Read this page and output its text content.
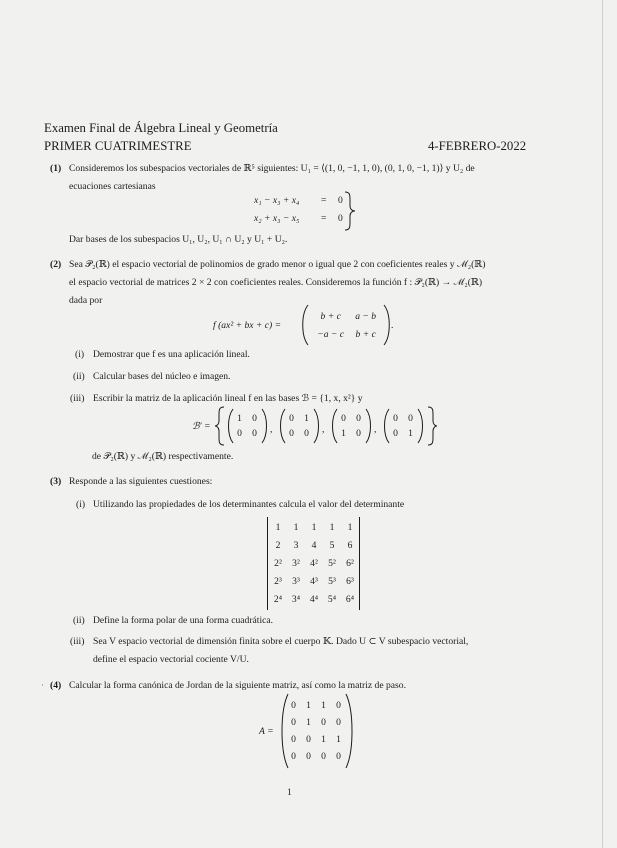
Examen Final de Álgebra Lineal y Geometría
PRIMER CUATRIMESTRE	4-FEBRERO-2022
(1) Consideremos los subespacios vectoriales de ℝ⁵ siguientes: U₁ = ⟨(1, 0, −1, 1, 0), (0, 1, 0, −1, 1)⟩ y U₂ de
ecuaciones cartesianas
x₁ − x₃ + x₄ = 0
x₂ + x₃ − x₅ = 0
Dar bases de los subespacios U₁, U₂, U₁ ∩ U₂ y U₁ + U₂.
(2) Sea 𝒫₂(ℝ) el espacio vectorial de polinomios de grado menor o igual que 2 con coeficientes reales y ℳ₂(ℝ)
el espacio vectorial de matrices 2 × 2 con coeficientes reales. Consideremos la función f : 𝒫₂(ℝ) → ℳ₂(ℝ)
dada por
f (ax² + bx + c) =
b + c	a − b
−a − c	b + c
.
(i) Demostrar que f es una aplicación lineal.
(ii) Calcular bases del núcleo e imagen.
(iii) Escribir la matriz de la aplicación lineal f en las bases ℬ = {1, x, x²} y
ℬ′ =
1	0
0	0 ,
0	1
0	0 ,
0	0
1	0 ,
0	0
0	1
de 𝒫₂(ℝ) y ℳ₂(ℝ) respectivamente.
(3) Responde a las siguientes cuestiones:
(i) Utilizando las propiedades de los determinantes calcula el valor del determinante
1	1	1	1	1
2	3	4	5	6
2²	3²	4²	5²	6²
2³	3³	4³	5³	6³
2⁴	3⁴	4⁴	5⁴	6⁴
(ii) Define la forma polar de una forma cuadrática.
(iii) Sea V espacio vectorial de dimensión finita sobre el cuerpo 𝕂. Dado U ⊂ V subespacio vectorial,
define el espacio vectorial cociente V/U.
· (4) Calcular la forma canónica de Jordan de la siguiente matriz, así como la matriz de paso.
A =
0	1	1	0
0	1	0	0
0	0	1	1
0	0	0	0
1
